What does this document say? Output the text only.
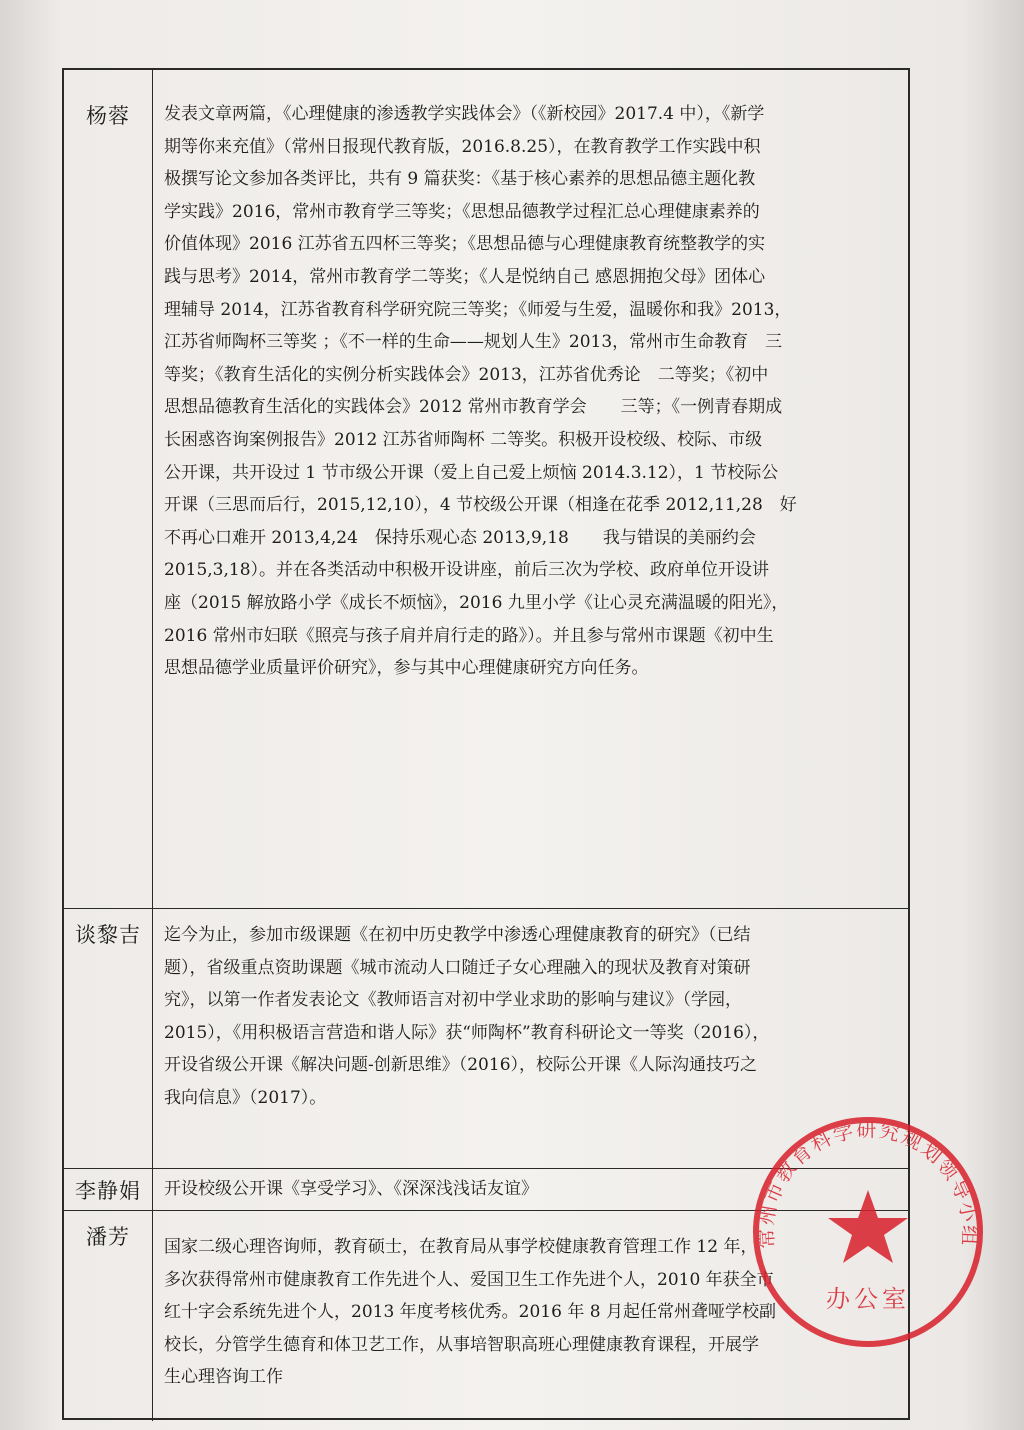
杨蓉	发表文章两篇，《心理健康的渗透教学实践体会》（《新校园》2017.4 中），《新学
期等你来充值》（常州日报现代教育版，2016.8.25），在教育教学工作实践中积
极撰写论文参加各类评比，共有 9 篇获奖：《基于核心素养的思想品德主题化教
学实践》2016，常州市教育学三等奖；《思想品德教学过程汇总心理健康素养的
价值体现》2016 江苏省五四杯三等奖；《思想品德与心理健康教育统整教学的实
践与思考》2014，常州市教育学二等奖；《人是悦纳自己 感恩拥抱父母》团体心
理辅导 2014，江苏省教育科学研究院三等奖；《师爱与生爱，温暖你和我》2013，
江苏省师陶杯三等奖 ；《不一样的生命——规划人生》2013，常州市生命教育　三
等奖；《教育生活化的实例分析实践体会》2013，江苏省优秀论　二等奖；《初中
思想品德教育生活化的实践体会》2012 常州市教育学会　　三等；《一例青春期成
长困惑咨询案例报告》2012 江苏省师陶杯 二等奖。积极开设校级、校际、市级
公开课，共开设过 1 节市级公开课（爱上自己爱上烦恼 2014.3.12），1 节校际公
开课（三思而后行，2015,12,10），4 节校级公开课（相逢在花季 2012,11,28　好
不再心口难开 2013,4,24　保持乐观心态 2013,9,18　　我与错误的美丽约会
2015,3,18）。并在各类活动中积极开设讲座，前后三次为学校、政府单位开设讲
座（2015 解放路小学《成长不烦恼》，2016 九里小学《让心灵充满温暖的阳光》，
2016 常州市妇联《照亮与孩子肩并肩行走的路》）。并且参与常州市课题《初中生
思想品德学业质量评价研究》，参与其中心理健康研究方向任务。
谈黎吉	迄今为止，参加市级课题《在初中历史教学中渗透心理健康教育的研究》（已结
题），省级重点资助课题《城市流动人口随迁子女心理融入的现状及教育对策研
究》，以第一作者发表论文《教师语言对初中学业求助的影响与建议》（学园，
2015），《用积极语言营造和谐人际》获“师陶杯”教育科研论文一等奖（2016），
开设省级公开课《解决问题-创新思维》（2016），校际公开课《人际沟通技巧之
我向信息》（2017）。
李静娟	开设校级公开课《享受学习》、《深深浅浅话友谊》
潘芳	国家二级心理咨询师，教育硕士，在教育局从事学校健康教育管理工作 12 年，
多次获得常州市健康教育工作先进个人、爱国卫生工作先进个人，2010 年获全市
红十字会系统先进个人，2013 年度考核优秀。2016 年 8 月起任常州聋哑学校副
校长，分管学生德育和体卫艺工作，从事培智职高班心理健康教育课程，开展学
生心理咨询工作
常州市教育科学研究规划领导小组
办公室
